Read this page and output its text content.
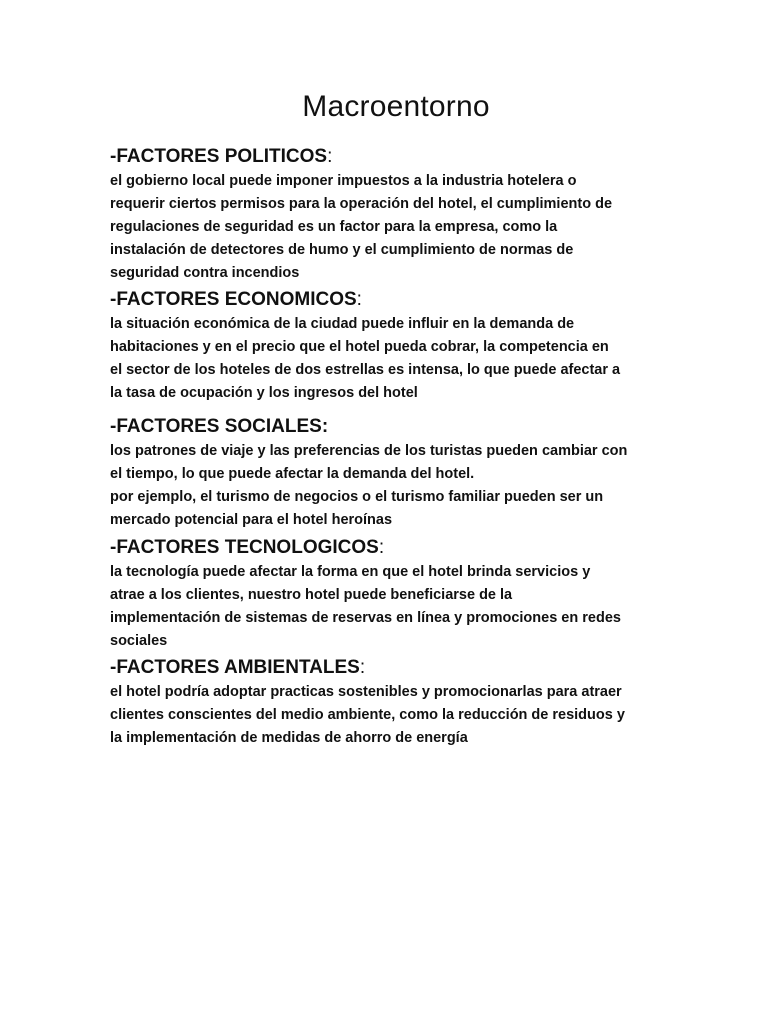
Macroentorno

-FACTORES POLITICOS:

el gobierno local puede imponer impuestos a la industria hotelera o

requerir ciertos permisos para la operación del hotel, el cumplimiento de

regulaciones de seguridad es un factor para la empresa, como la

instalación de detectores de humo y el cumplimiento de normas de

seguridad contra incendios

-FACTORES ECONOMICOS:

la situación económica de la ciudad puede influir en la demanda de

habitaciones y en el precio que el hotel pueda cobrar, la competencia en

el sector de los hoteles de dos estrellas es intensa, lo que puede afectar a

la tasa de ocupación y los ingresos del hotel

-FACTORES SOCIALES:

los patrones de viaje y las preferencias de los turistas pueden cambiar con

el tiempo, lo que puede afectar la demanda del hotel.

por ejemplo, el turismo de negocios o el turismo familiar pueden ser un

mercado potencial para el hotel heroínas

-FACTORES TECNOLOGICOS:

la tecnología puede afectar la forma en que el hotel brinda servicios y

atrae a los clientes, nuestro hotel puede beneficiarse de la

implementación de sistemas de reservas en línea y promociones en redes

sociales

-FACTORES AMBIENTALES:

el hotel podría adoptar practicas sostenibles y promocionarlas para atraer

clientes conscientes del medio ambiente, como la reducción de residuos y

la implementación de medidas de ahorro de energía
